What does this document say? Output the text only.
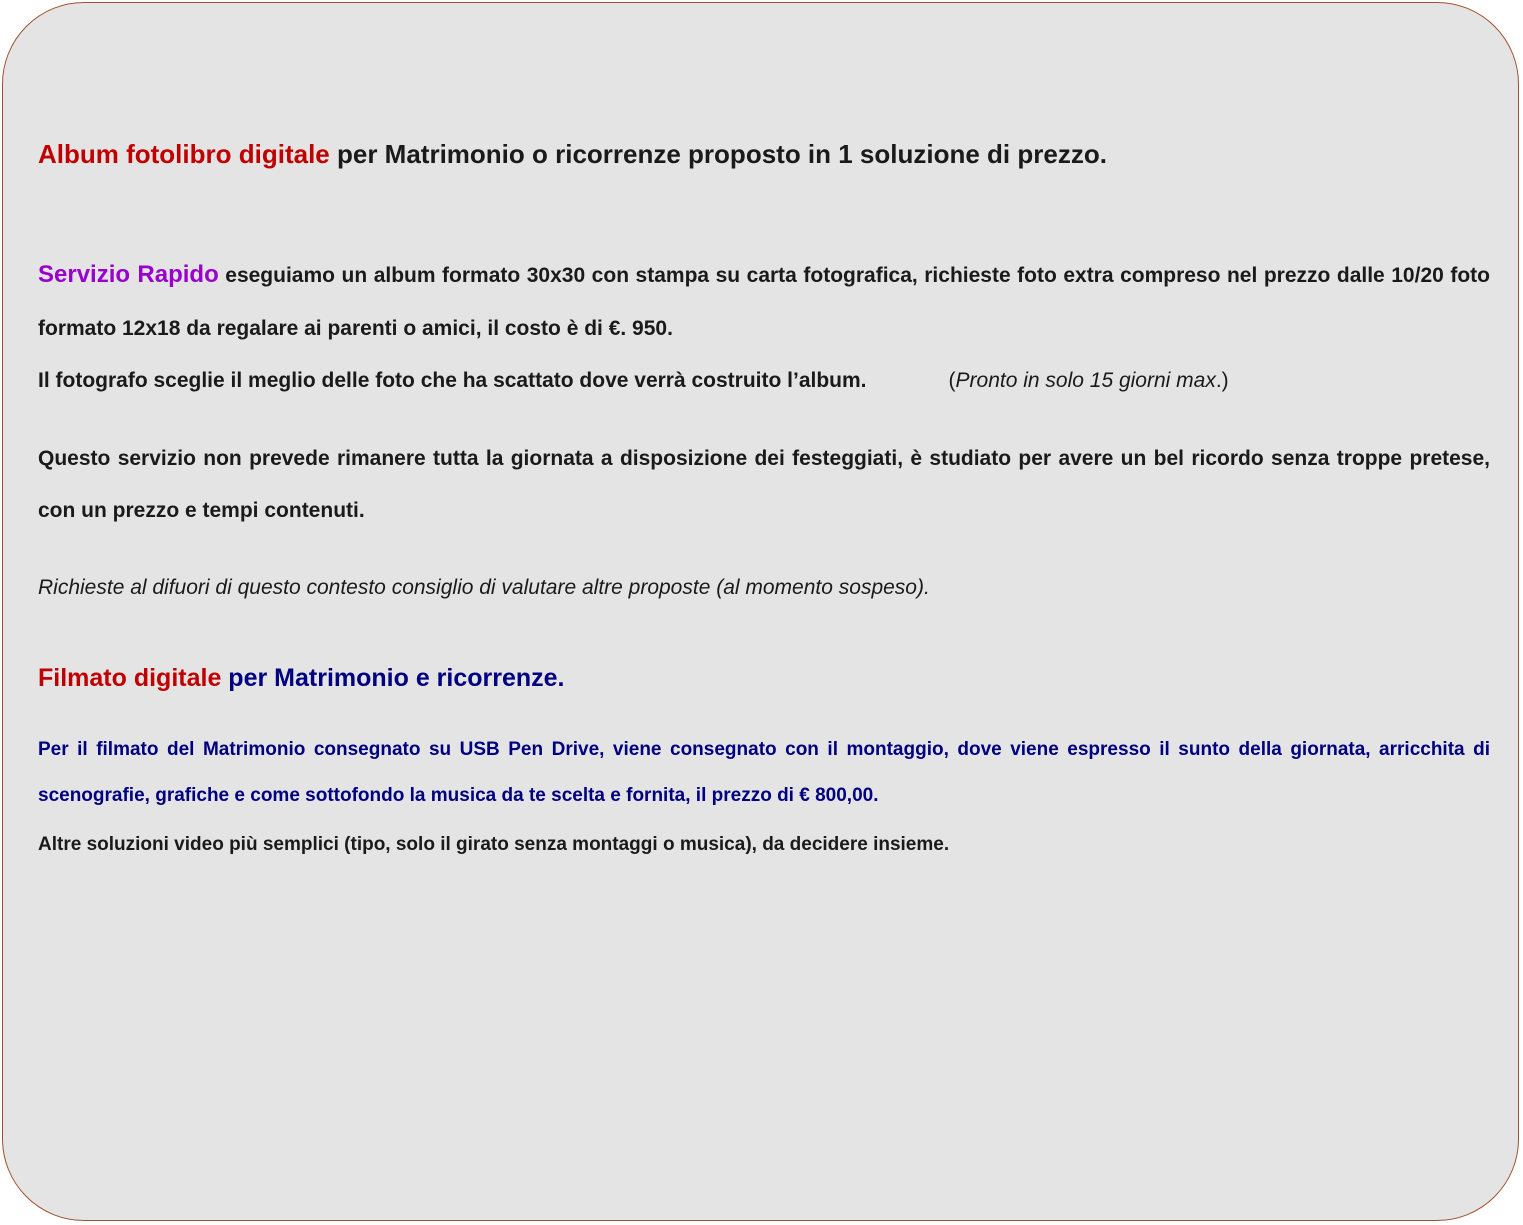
Album fotolibro digitale per Matrimonio o ricorrenze proposto in 1 soluzione di prezzo.

Servizio Rapido eseguiamo un album formato 30x30 con stampa su carta fotografica, richieste foto extra compreso nel prezzo dalle 10/20 foto formato 12x18 da regalare ai parenti o amici, il costo è di €. 950.

Il fotografo sceglie il meglio delle foto che ha scattato dove verrà costruito l’album.	(Pronto in solo 15 giorni max.)

Questo servizio non prevede rimanere tutta la giornata a disposizione dei festeggiati, è studiato per avere un bel ricordo senza troppe pretese, con un prezzo e tempi contenuti.

Richieste al difuori di questo contesto consiglio di valutare altre proposte (al momento sospeso).

Filmato digitale per Matrimonio e ricorrenze.

Per il filmato del Matrimonio consegnato su USB Pen Drive, viene consegnato con il montaggio, dove viene espresso il sunto della giornata, arricchita di scenografie, grafiche e come sottofondo la musica da te scelta e fornita, il prezzo di € 800,00.

Altre soluzioni video più semplici (tipo, solo il girato senza montaggi o musica), da decidere insieme.
